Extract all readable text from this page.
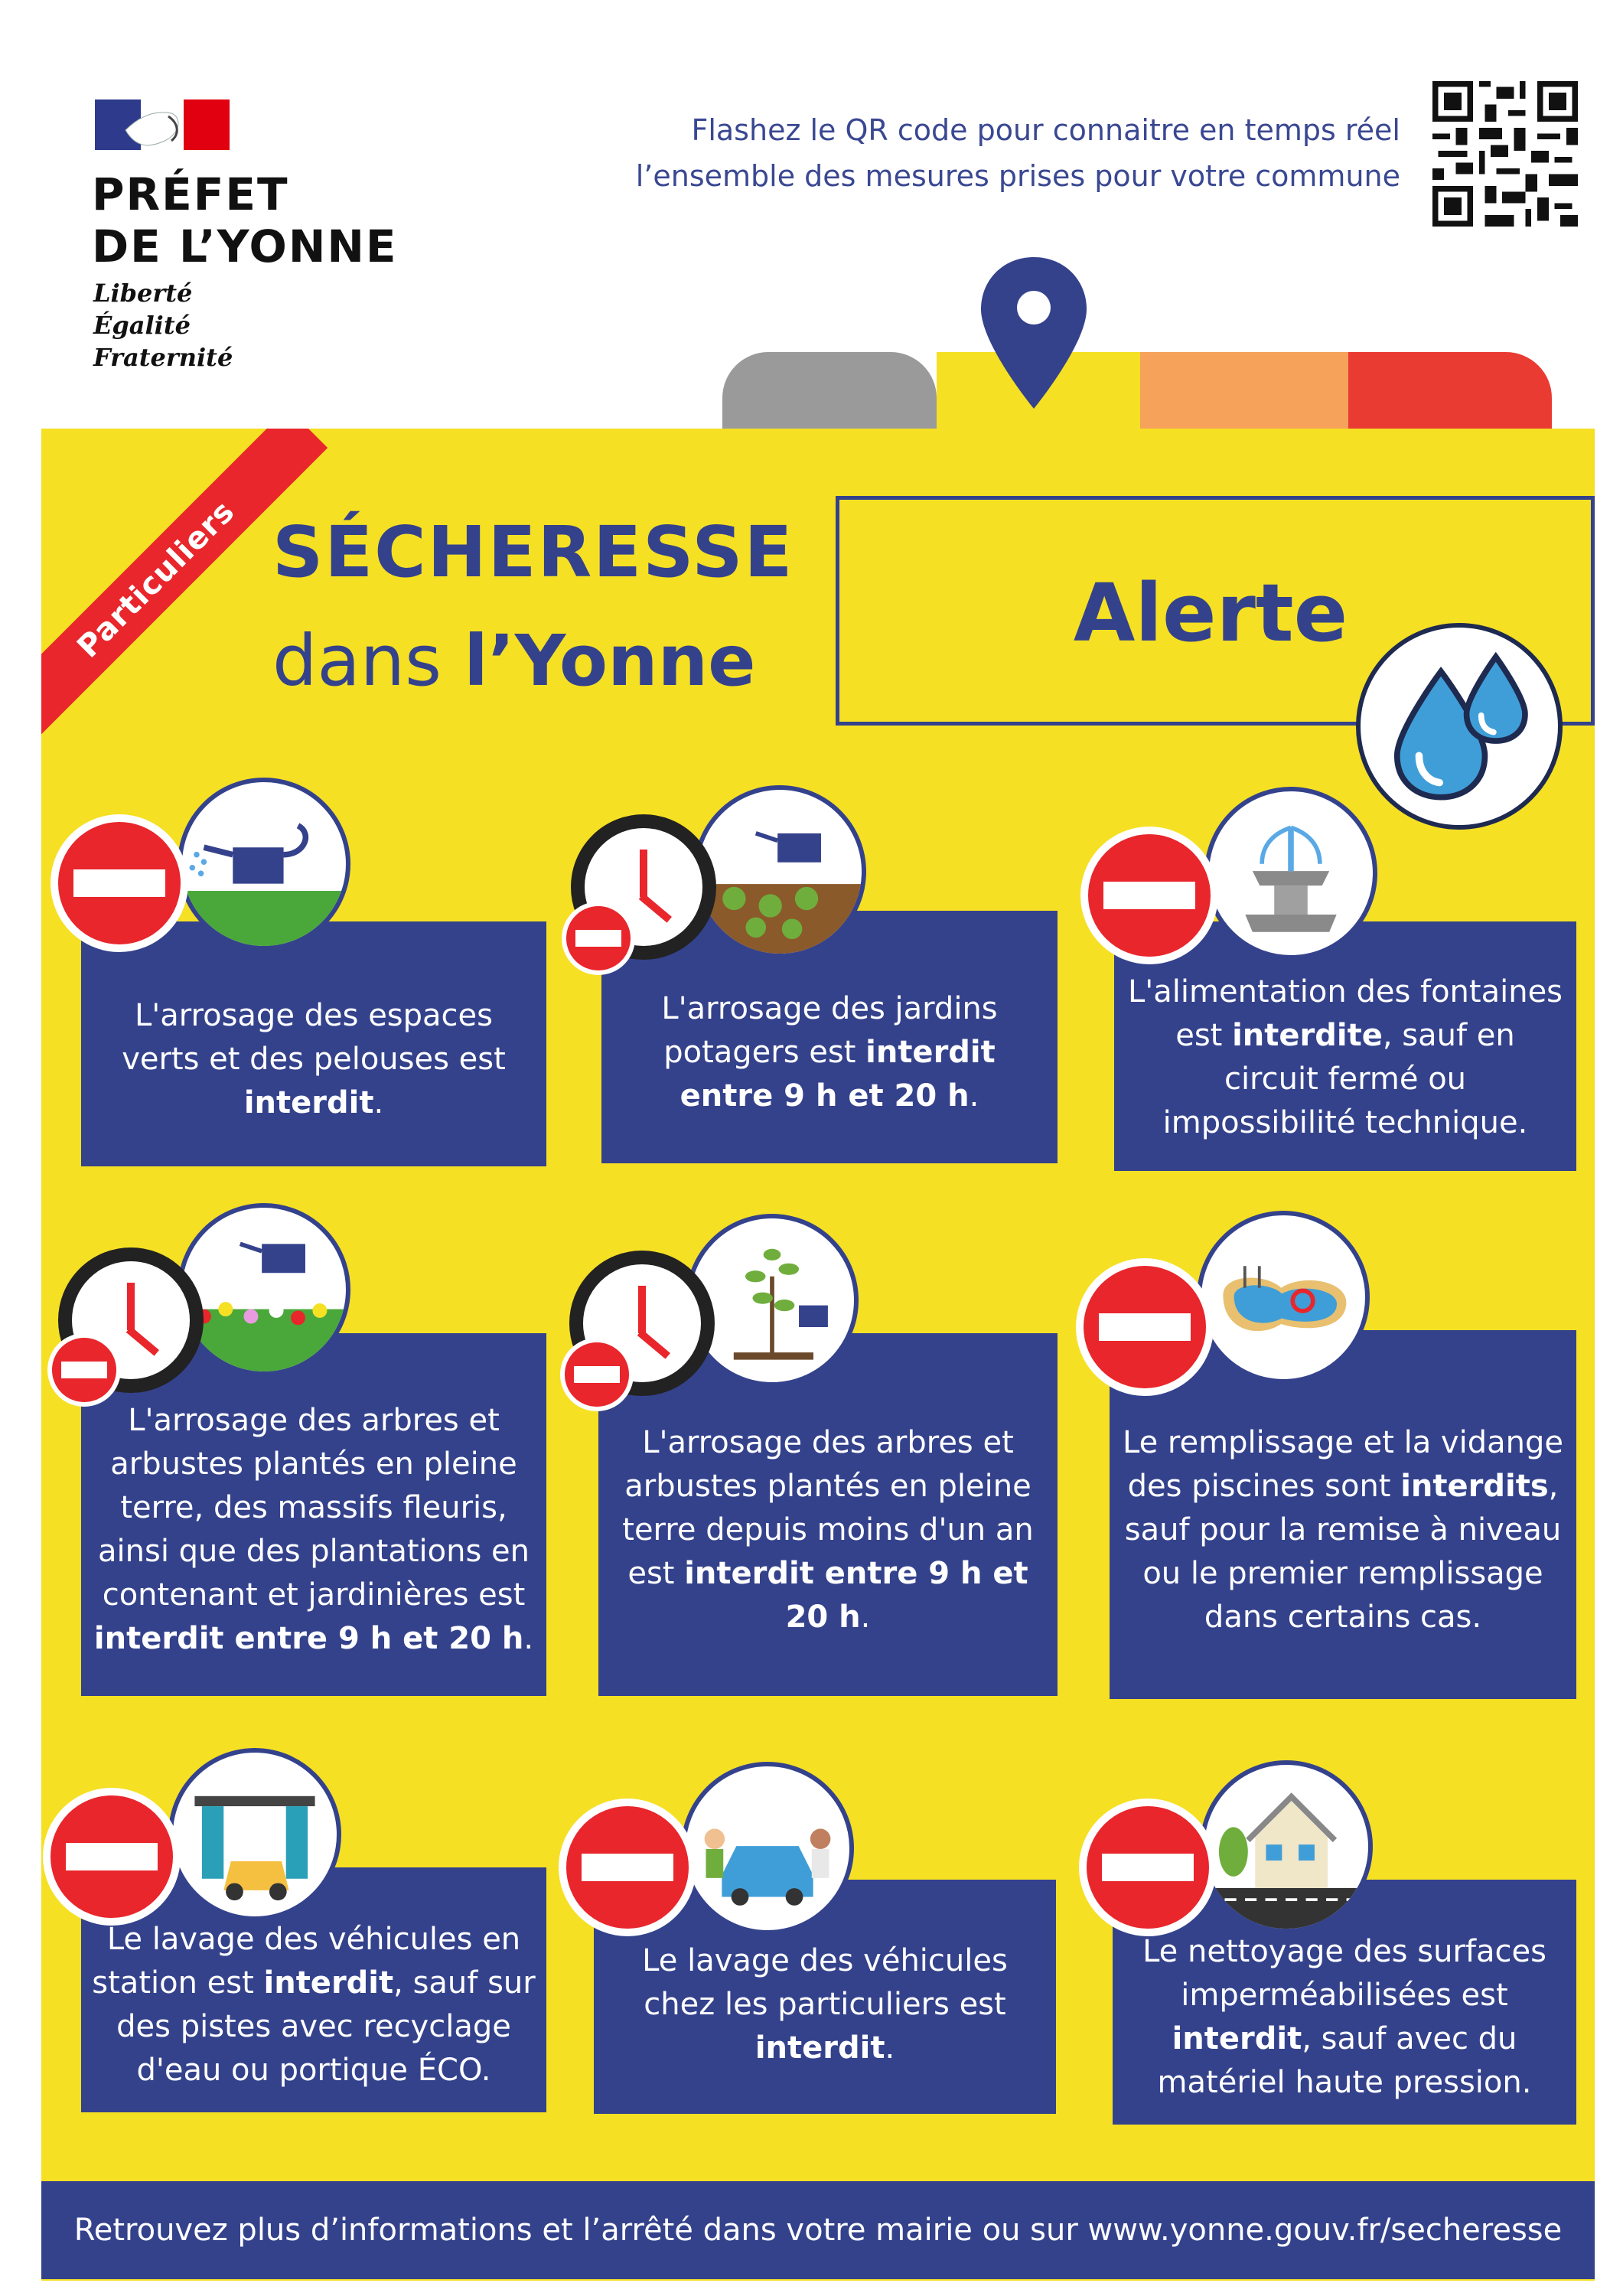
PRÉFET
DE L’YONNE
Liberté
Égalité
Fraternité
Flashez le QR code pour connaitre en temps réel
l’ensemble des mesures prises pour votre commune
Particuliers SÉCHERESSE
dans l’Yonne
Alerte
L'arrosage des espaces verts et des pelouses est interdit.
L'arrosage des jardins potagers est interdit entre 9 h et 20 h.
L'alimentation des fontaines est interdite, sauf en circuit fermé ou impossibilité technique.
L'arrosage des arbres et arbustes plantés en pleine terre, des massifs fleuris, ainsi que des plantations en contenant et jardinières est interdit entre 9 h et 20 h.
L'arrosage des arbres et arbustes plantés en pleine terre depuis moins d'un an est interdit entre 9 h et 20 h.
Le remplissage et la vidange des piscines sont interdits, sauf pour la remise à niveau ou le premier remplissage dans certains cas.
Le lavage des véhicules en station est interdit, sauf sur des pistes avec recyclage d'eau ou portique ÉCO.
Le lavage des véhicules chez les particuliers est interdit.
Le nettoyage des surfaces imperméabilisées est interdit, sauf avec du matériel haute pression.
Retrouvez plus d’informations et l’arrêté dans votre mairie ou sur www.yonne.gouv.fr/secheresse
